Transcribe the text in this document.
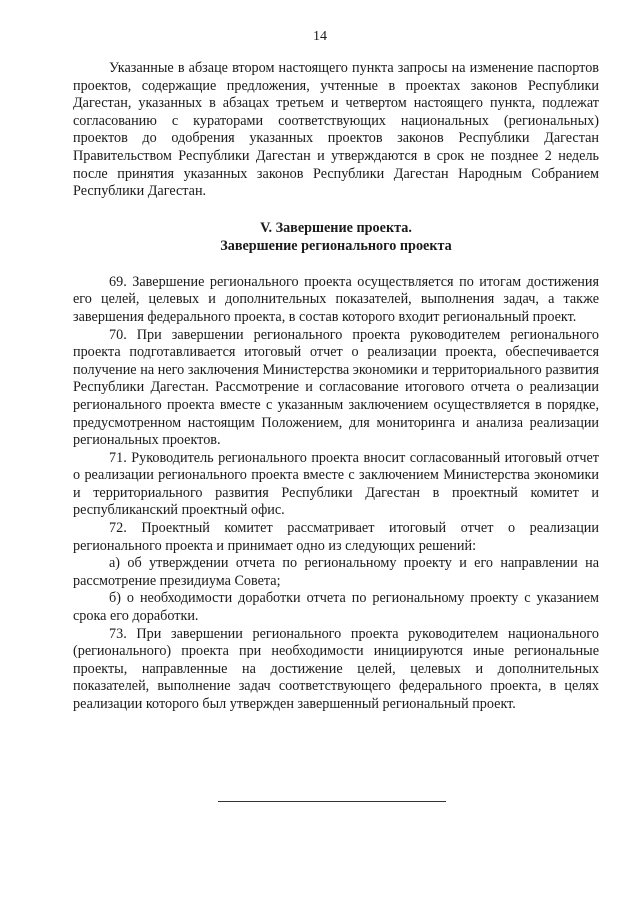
14

Указанные в абзаце втором настоящего пункта запросы на изменение паспортов проектов, содержащие предложения, учтенные в проектах законов Республики Дагестан, указанных в абзацах третьем и четвертом настоящего пункта, подлежат согласованию с кураторами соответствующих национальных (региональных) проектов до одобрения указанных проектов законов Республики Дагестан Правительством Республики Дагестан и утверждаются в срок не позднее 2 недель после принятия указанных законов Республики Дагестан Народным Собранием Республики Дагестан.

V. Завершение проекта.

Завершение регионального проекта

69. Завершение регионального проекта осуществляется по итогам достижения его целей, целевых и дополнительных показателей, выполнения задач, а также завершения федерального проекта, в состав которого входит региональный проект.

70. При завершении регионального проекта руководителем регионального проекта подготавливается итоговый отчет о реализации проекта, обеспечивается получение на него заключения Министерства экономики и территориального развития Республики Дагестан. Рассмотрение и согласование итогового отчета о реализации регионального проекта вместе с указанным заключением осуществляется в порядке, предусмотренном настоящим Положением, для мониторинга и анализа реализации региональных проектов.

71. Руководитель регионального проекта вносит согласованный итоговый отчет о реализации регионального проекта вместе с заключением Министерства экономики и территориального развития Республики Дагестан в проектный комитет и республиканский проектный офис.

72. Проектный комитет рассматривает итоговый отчет о реализации регионального проекта и принимает одно из следующих решений:

а) об утверждении отчета по региональному проекту и его направлении на рассмотрение президиума Совета;

б) о необходимости доработки отчета по региональному проекту с указанием срока его доработки.

73. При завершении регионального проекта руководителем национального (регионального) проекта при необходимости инициируются иные региональные проекты, направленные на достижение целей, целевых и дополнительных показателей, выполнение задач соответствующего федерального проекта, в целях реализации которого был утвержден завершенный региональный проект.
